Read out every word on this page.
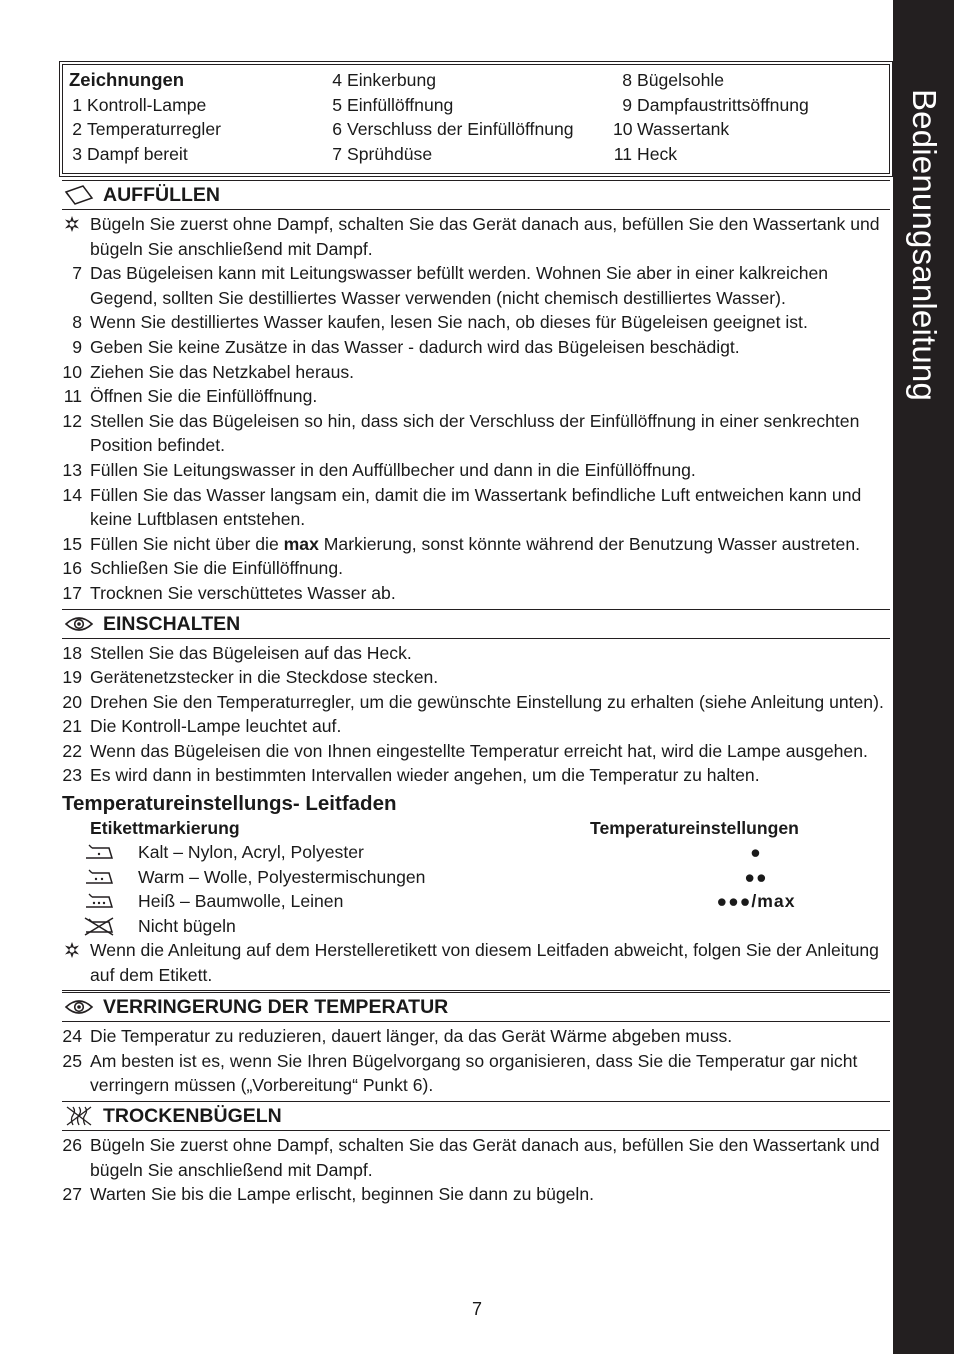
Bedienungsanleitung
Zeichnungen
1 Kontroll-Lampe
2 Temperaturregler
3 Dampf bereit
4 Einkerbung
5 Einfüllöffnung
6 Verschluss der Einfüllöffnung
7 Sprühdüse
8 Bügelsohle
9 Dampfaustrittsöffnung
10 Wassertank
11 Heck
AUFFÜLLEN
Bügeln Sie zuerst ohne Dampf, schalten Sie das Gerät danach aus, befüllen Sie den Wassertank und bügeln Sie anschließend mit Dampf.
7 Das Bügeleisen kann mit Leitungswasser befüllt werden. Wohnen Sie aber in einer kalkreichen Gegend, sollten Sie destilliertes Wasser verwenden (nicht chemisch destilliertes Wasser).
8 Wenn Sie destilliertes Wasser kaufen, lesen Sie nach, ob dieses für Bügeleisen geeignet ist.
9 Geben Sie keine Zusätze in das Wasser - dadurch wird das Bügeleisen beschädigt.
10 Ziehen Sie das Netzkabel heraus.
11 Öffnen Sie die Einfüllöffnung.
12 Stellen Sie das Bügeleisen so hin, dass sich der Verschluss der Einfüllöffnung in einer senkrechten Position befindet.
13 Füllen Sie Leitungswasser in den Auffüllbecher und dann in die Einfüllöffnung.
14 Füllen Sie das Wasser langsam ein, damit die im Wassertank befindliche Luft entweichen kann und keine Luftblasen entstehen.
15 Füllen Sie nicht über die max Markierung, sonst könnte während der Benutzung Wasser austreten.
16 Schließen Sie die Einfüllöffnung.
17 Trocknen Sie verschüttetes Wasser ab.
EINSCHALTEN
18 Stellen Sie das Bügeleisen auf das Heck.
19 Gerätenetzstecker in die Steckdose stecken.
20 Drehen Sie den Temperaturregler, um die gewünschte Einstellung zu erhalten (siehe Anleitung unten).
21 Die Kontroll-Lampe leuchtet auf.
22 Wenn das Bügeleisen die von Ihnen eingestellte Temperatur erreicht hat, wird die Lampe ausgehen.
23 Es wird dann in bestimmten Intervallen wieder angehen, um die Temperatur zu halten.
Temperatureinstellungs- Leitfaden
Etikettmarkierung	Temperatureinstellungen
Kalt – Nylon, Acryl, Polyester	●
Warm – Wolle, Polyestermischungen	●●
Heiß – Baumwolle, Leinen	●●●/max
Nicht bügeln
Wenn die Anleitung auf dem Herstelleretikett von diesem Leitfaden abweicht, folgen Sie der Anleitung auf dem Etikett.
VERRINGERUNG DER TEMPERATUR
24 Die Temperatur zu reduzieren, dauert länger, da das Gerät Wärme abgeben muss.
25 Am besten ist es, wenn Sie Ihren Bügelvorgang so organisieren, dass Sie die Temperatur gar nicht verringern müssen („Vorbereitung“ Punkt 6).
TROCKENBÜGELN
26 Bügeln Sie zuerst ohne Dampf, schalten Sie das Gerät danach aus, befüllen Sie den Wassertank und bügeln Sie anschließend mit Dampf.
27 Warten Sie bis die Lampe erlischt, beginnen Sie dann zu bügeln.
7
